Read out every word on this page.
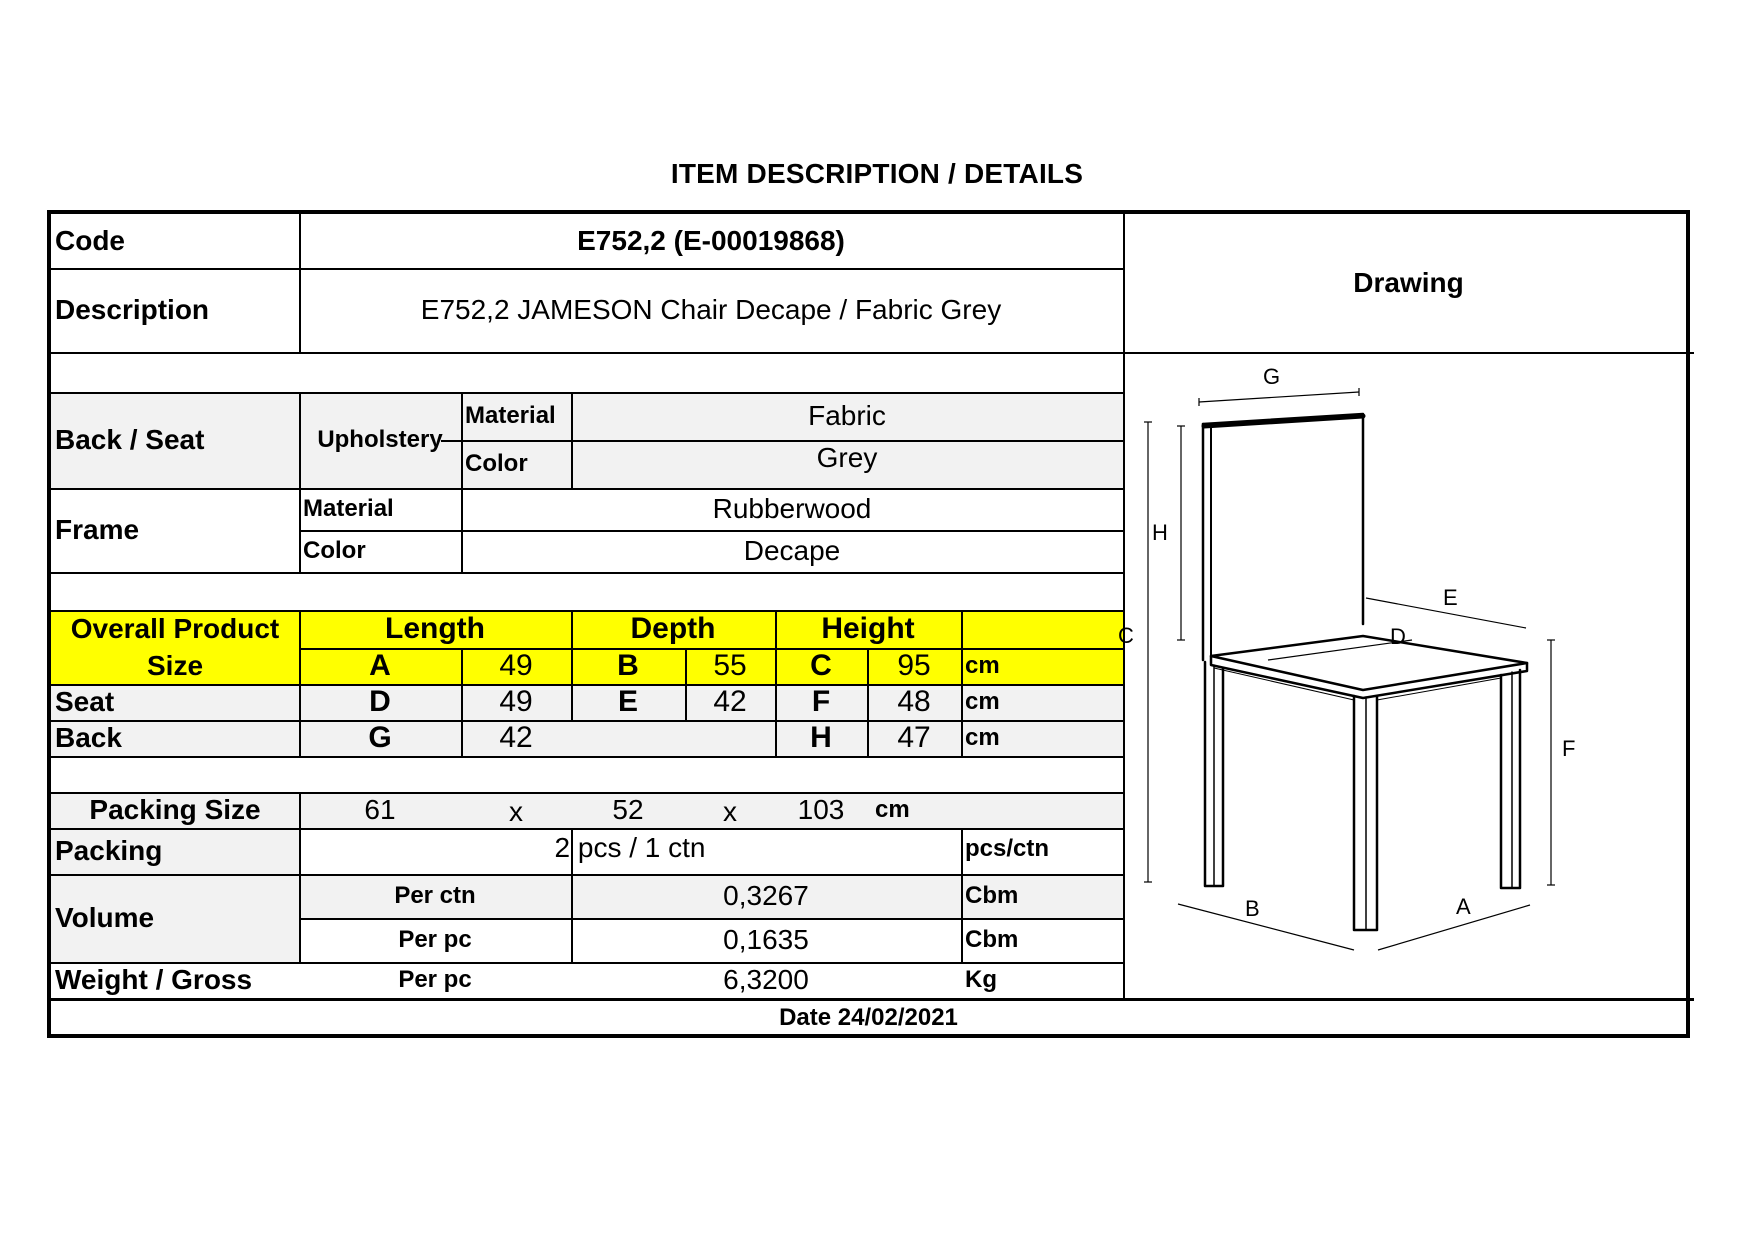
ITEM DESCRIPTION / DETAILS
Code	E752,2 (E-00019868)
Description	E752,2 JAMESON Chair Decape / Fabric Grey
Drawing
Back / Seat	Upholstery
Material	Fabric
Color	Grey
Frame
Material	Rubberwood
Color	Decape
Overall Product
Size
Length	Depth	Height
A	49	B	55	C	95	cm
Seat	D	49	E	42	F	48	cm
Back	G	42	H	47	cm
Packing Size	61	x	52	x	103	cm
Packing	2 pcs / 1 ctn	pcs/ctn
Volume
Per ctn	0,3267	Cbm
Per pc	0,1635	Cbm
Weight / Gross	Per pc	6,3200	Kg
Date 24/02/2021
G
H
C
E
D
F
B	A
